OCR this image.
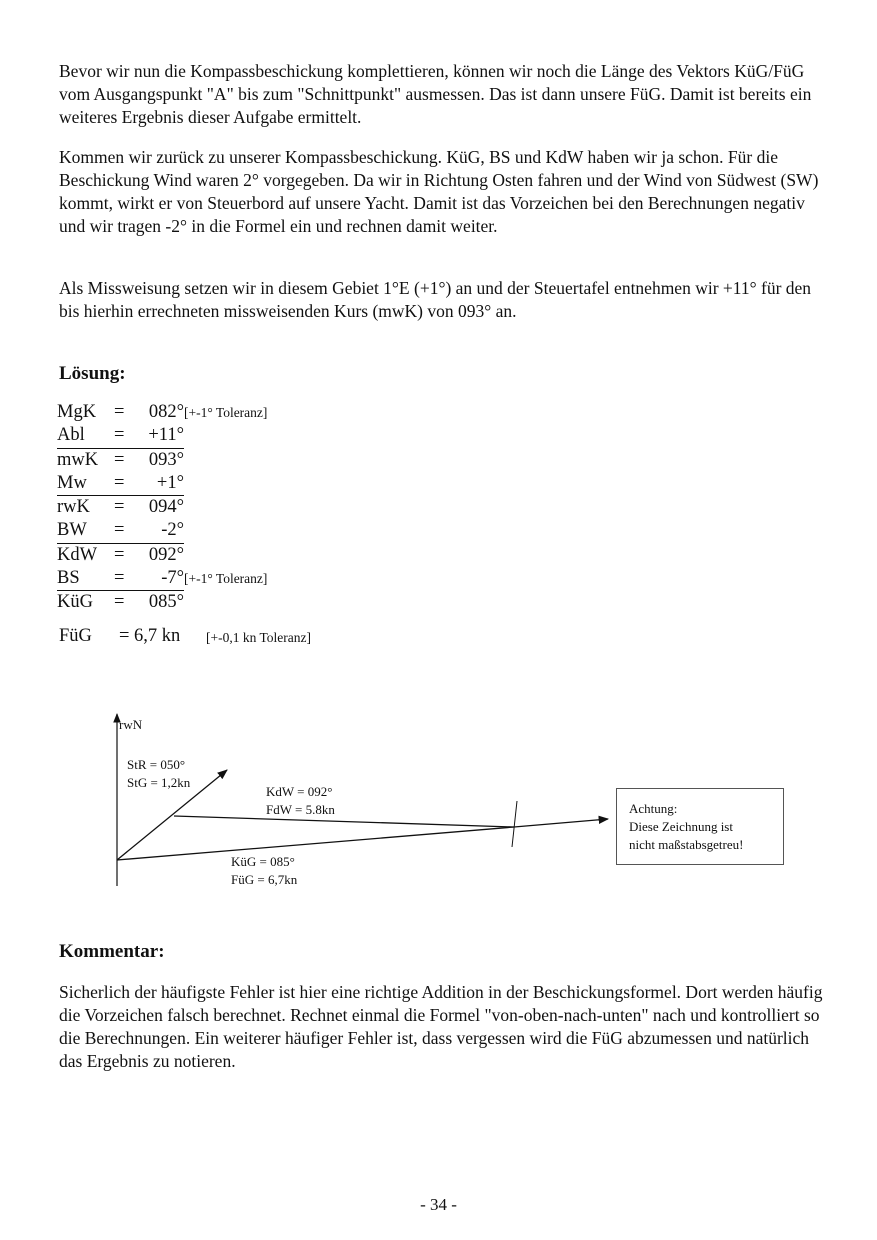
Bevor wir nun die Kompassbeschickung komplettieren, können wir noch die Länge des Vektors KüG/FüG vom Ausgangspunkt "A" bis zum "Schnittpunkt" ausmessen. Das ist dann unsere FüG. Damit ist bereits ein weiteres Ergebnis dieser Aufgabe ermittelt.

Kommen wir zurück zu unserer Kompassbeschickung. KüG, BS und KdW haben wir ja schon. Für die Beschickung Wind waren 2° vorgegeben. Da wir in Richtung Osten fahren und der Wind von Südwest (SW) kommt, wirkt er von Steuerbord auf unsere Yacht. Damit ist das Vorzeichen bei den Berechnungen negativ und wir tragen -2° in die Formel ein und rechnen damit weiter.

Als Missweisung setzen wir in diesem Gebiet 1°E (+1°) an und der Steuertafel entnehmen wir +11° für den bis hierhin errechneten missweisenden Kurs (mwK) von 093° an.

Lösung:
MgK	=	082°	[+-1° Toleranz]
Abl	=	+11°	
mwK	=	093°	
Mw	=	+1°	
rwK	=	094°	
BW	=	-2°	
KdW	=	092°	
BS	=	-7°	[+-1° Toleranz]
KüG	=	085°	
FüG = 6,7 kn [+-0,1 kn Toleranz]
rwN
StR = 050°
StG = 1,2kn
KdW = 092°
FdW = 5.8kn
KüG = 085°
FüG = 6,7kn
Achtung:
Diese Zeichnung ist
nicht maßstabsgetreu!
Kommentar:

Sicherlich der häufigste Fehler ist hier eine richtige Addition in der Beschickungsformel. Dort werden häufig die Vorzeichen falsch berechnet. Rechnet einmal die Formel "von-oben-nach-unten" nach und kontrolliert so die Berechnungen. Ein weiterer häufiger Fehler ist, dass vergessen wird die FüG abzumessen und natürlich das Ergebnis zu notieren.

- 34 -
